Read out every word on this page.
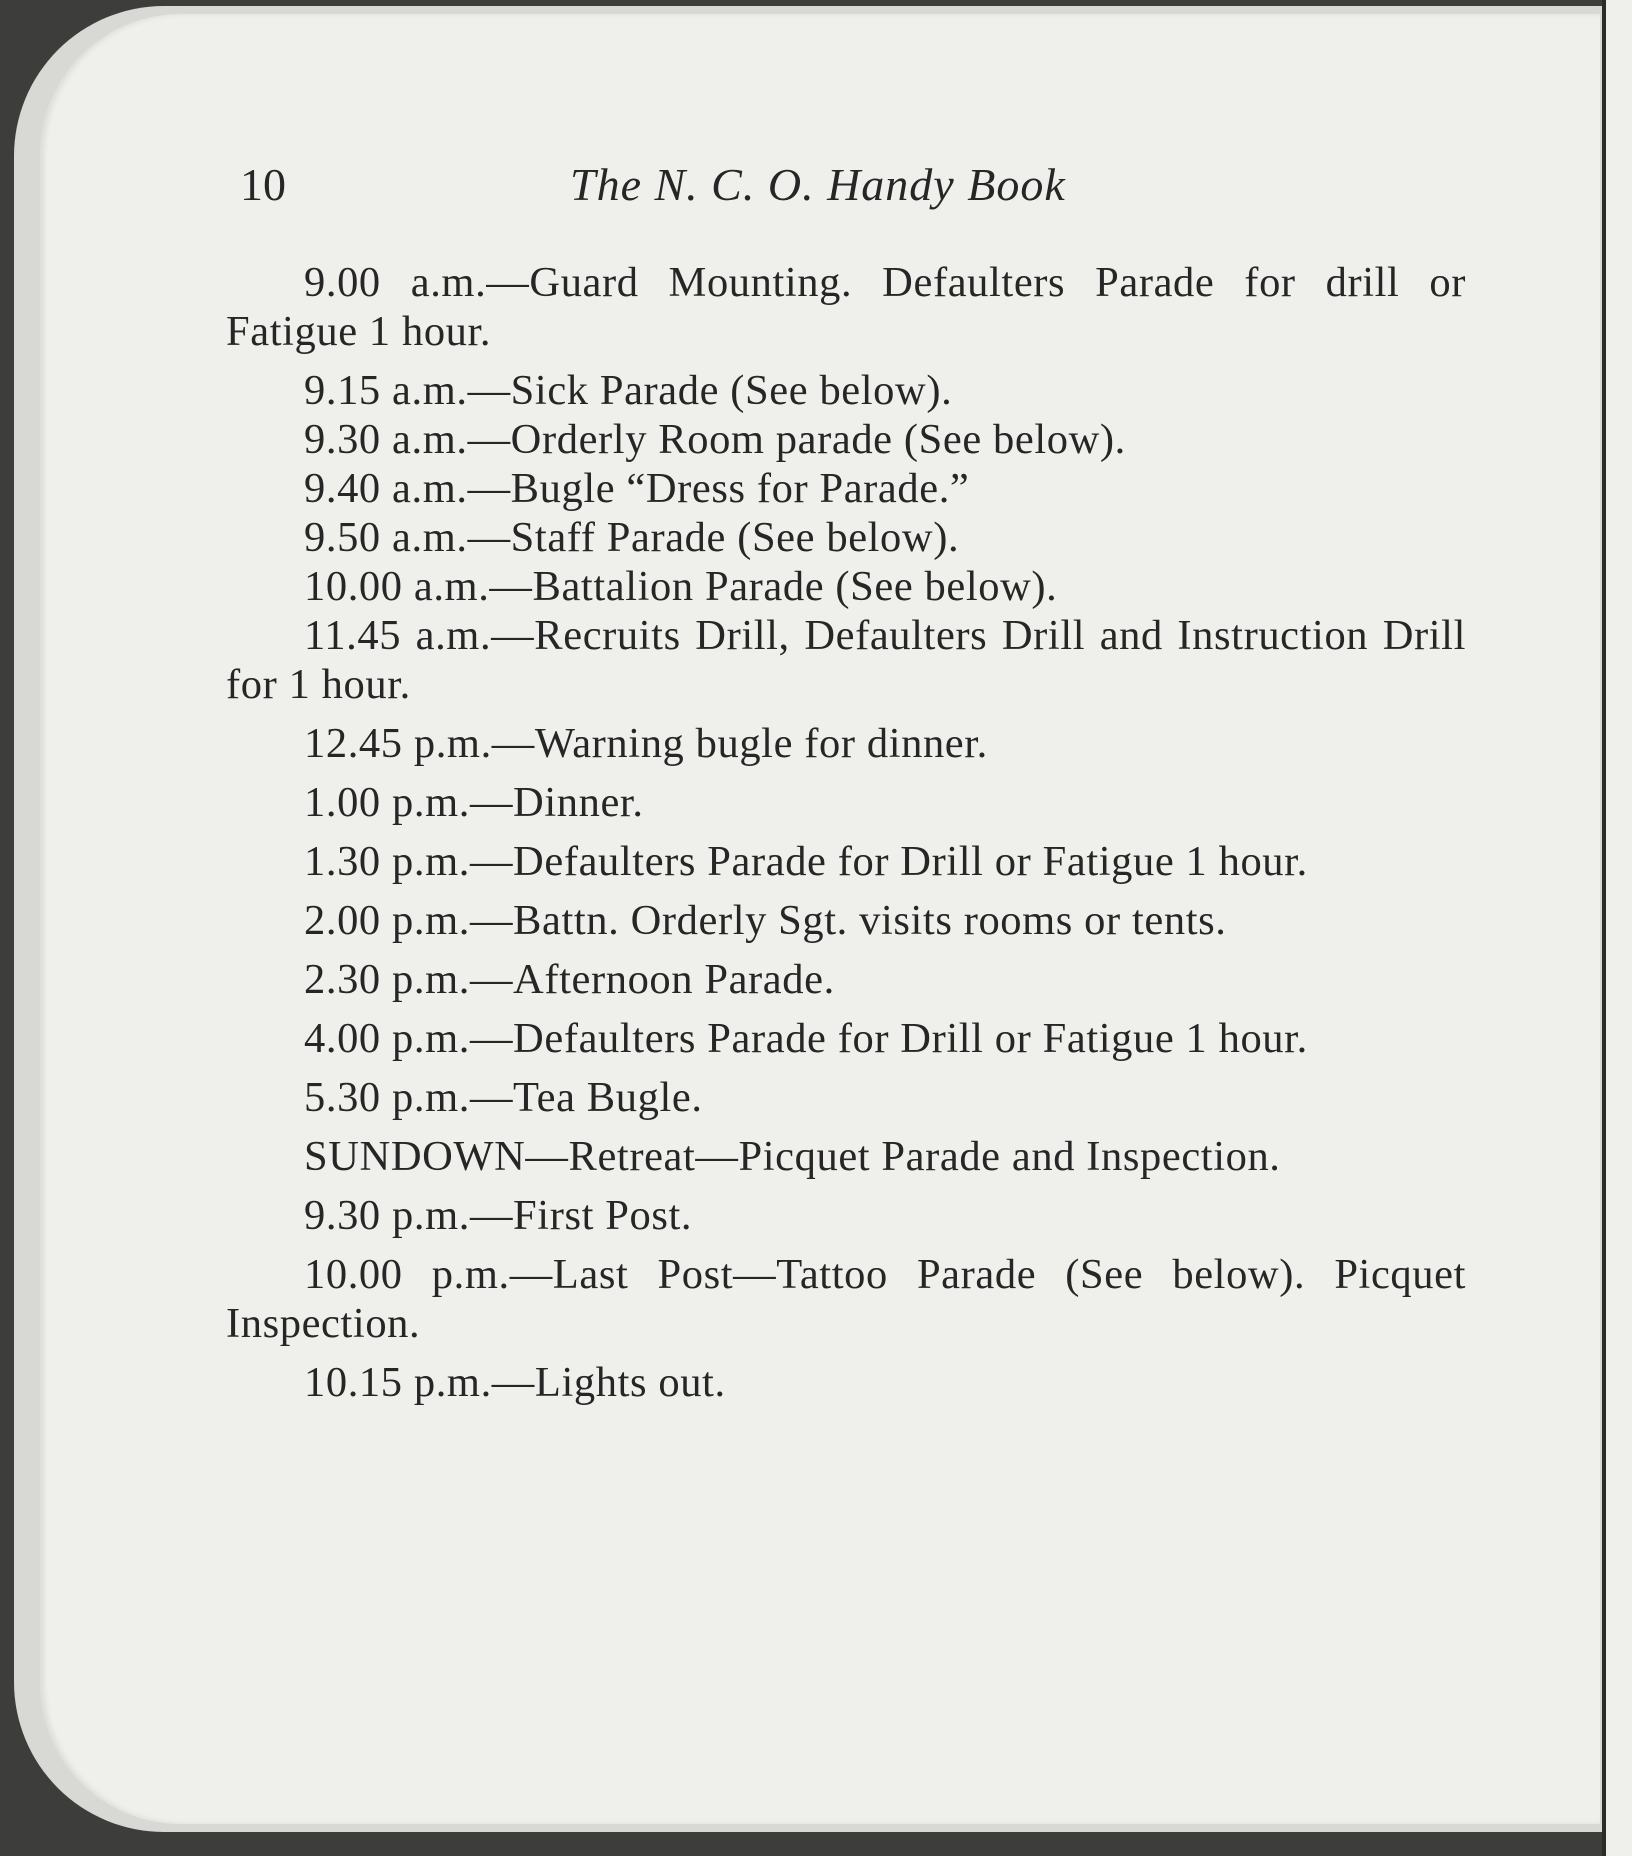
10	The N. C. O. Handy Book

9.00 a.m.—Guard Mounting. Defaulters Parade for drill or Fatigue 1 hour.

9.15 a.m.—Sick Parade (See below).

9.30 a.m.—Orderly Room parade (See below).

9.40 a.m.—Bugle “Dress for Parade.”

9.50 a.m.—Staff Parade (See below).

10.00 a.m.—Battalion Parade (See below).

11.45 a.m.—Recruits Drill, Defaulters Drill and Instruction Drill for 1 hour.

12.45 p.m.—Warning bugle for dinner.

1.00 p.m.—Dinner.

1.30 p.m.—Defaulters Parade for Drill or Fatigue 1 hour.

2.00 p.m.—Battn. Orderly Sgt. visits rooms or tents.

2.30 p.m.—Afternoon Parade.

4.00 p.m.—Defaulters Parade for Drill or Fatigue 1 hour.

5.30 p.m.—Tea Bugle.

SUNDOWN—Retreat—Picquet Parade and Inspection.

9.30 p.m.—First Post.

10.00 p.m.—Last Post—Tattoo Parade (See below). Picquet Inspection.

10.15 p.m.—Lights out.
